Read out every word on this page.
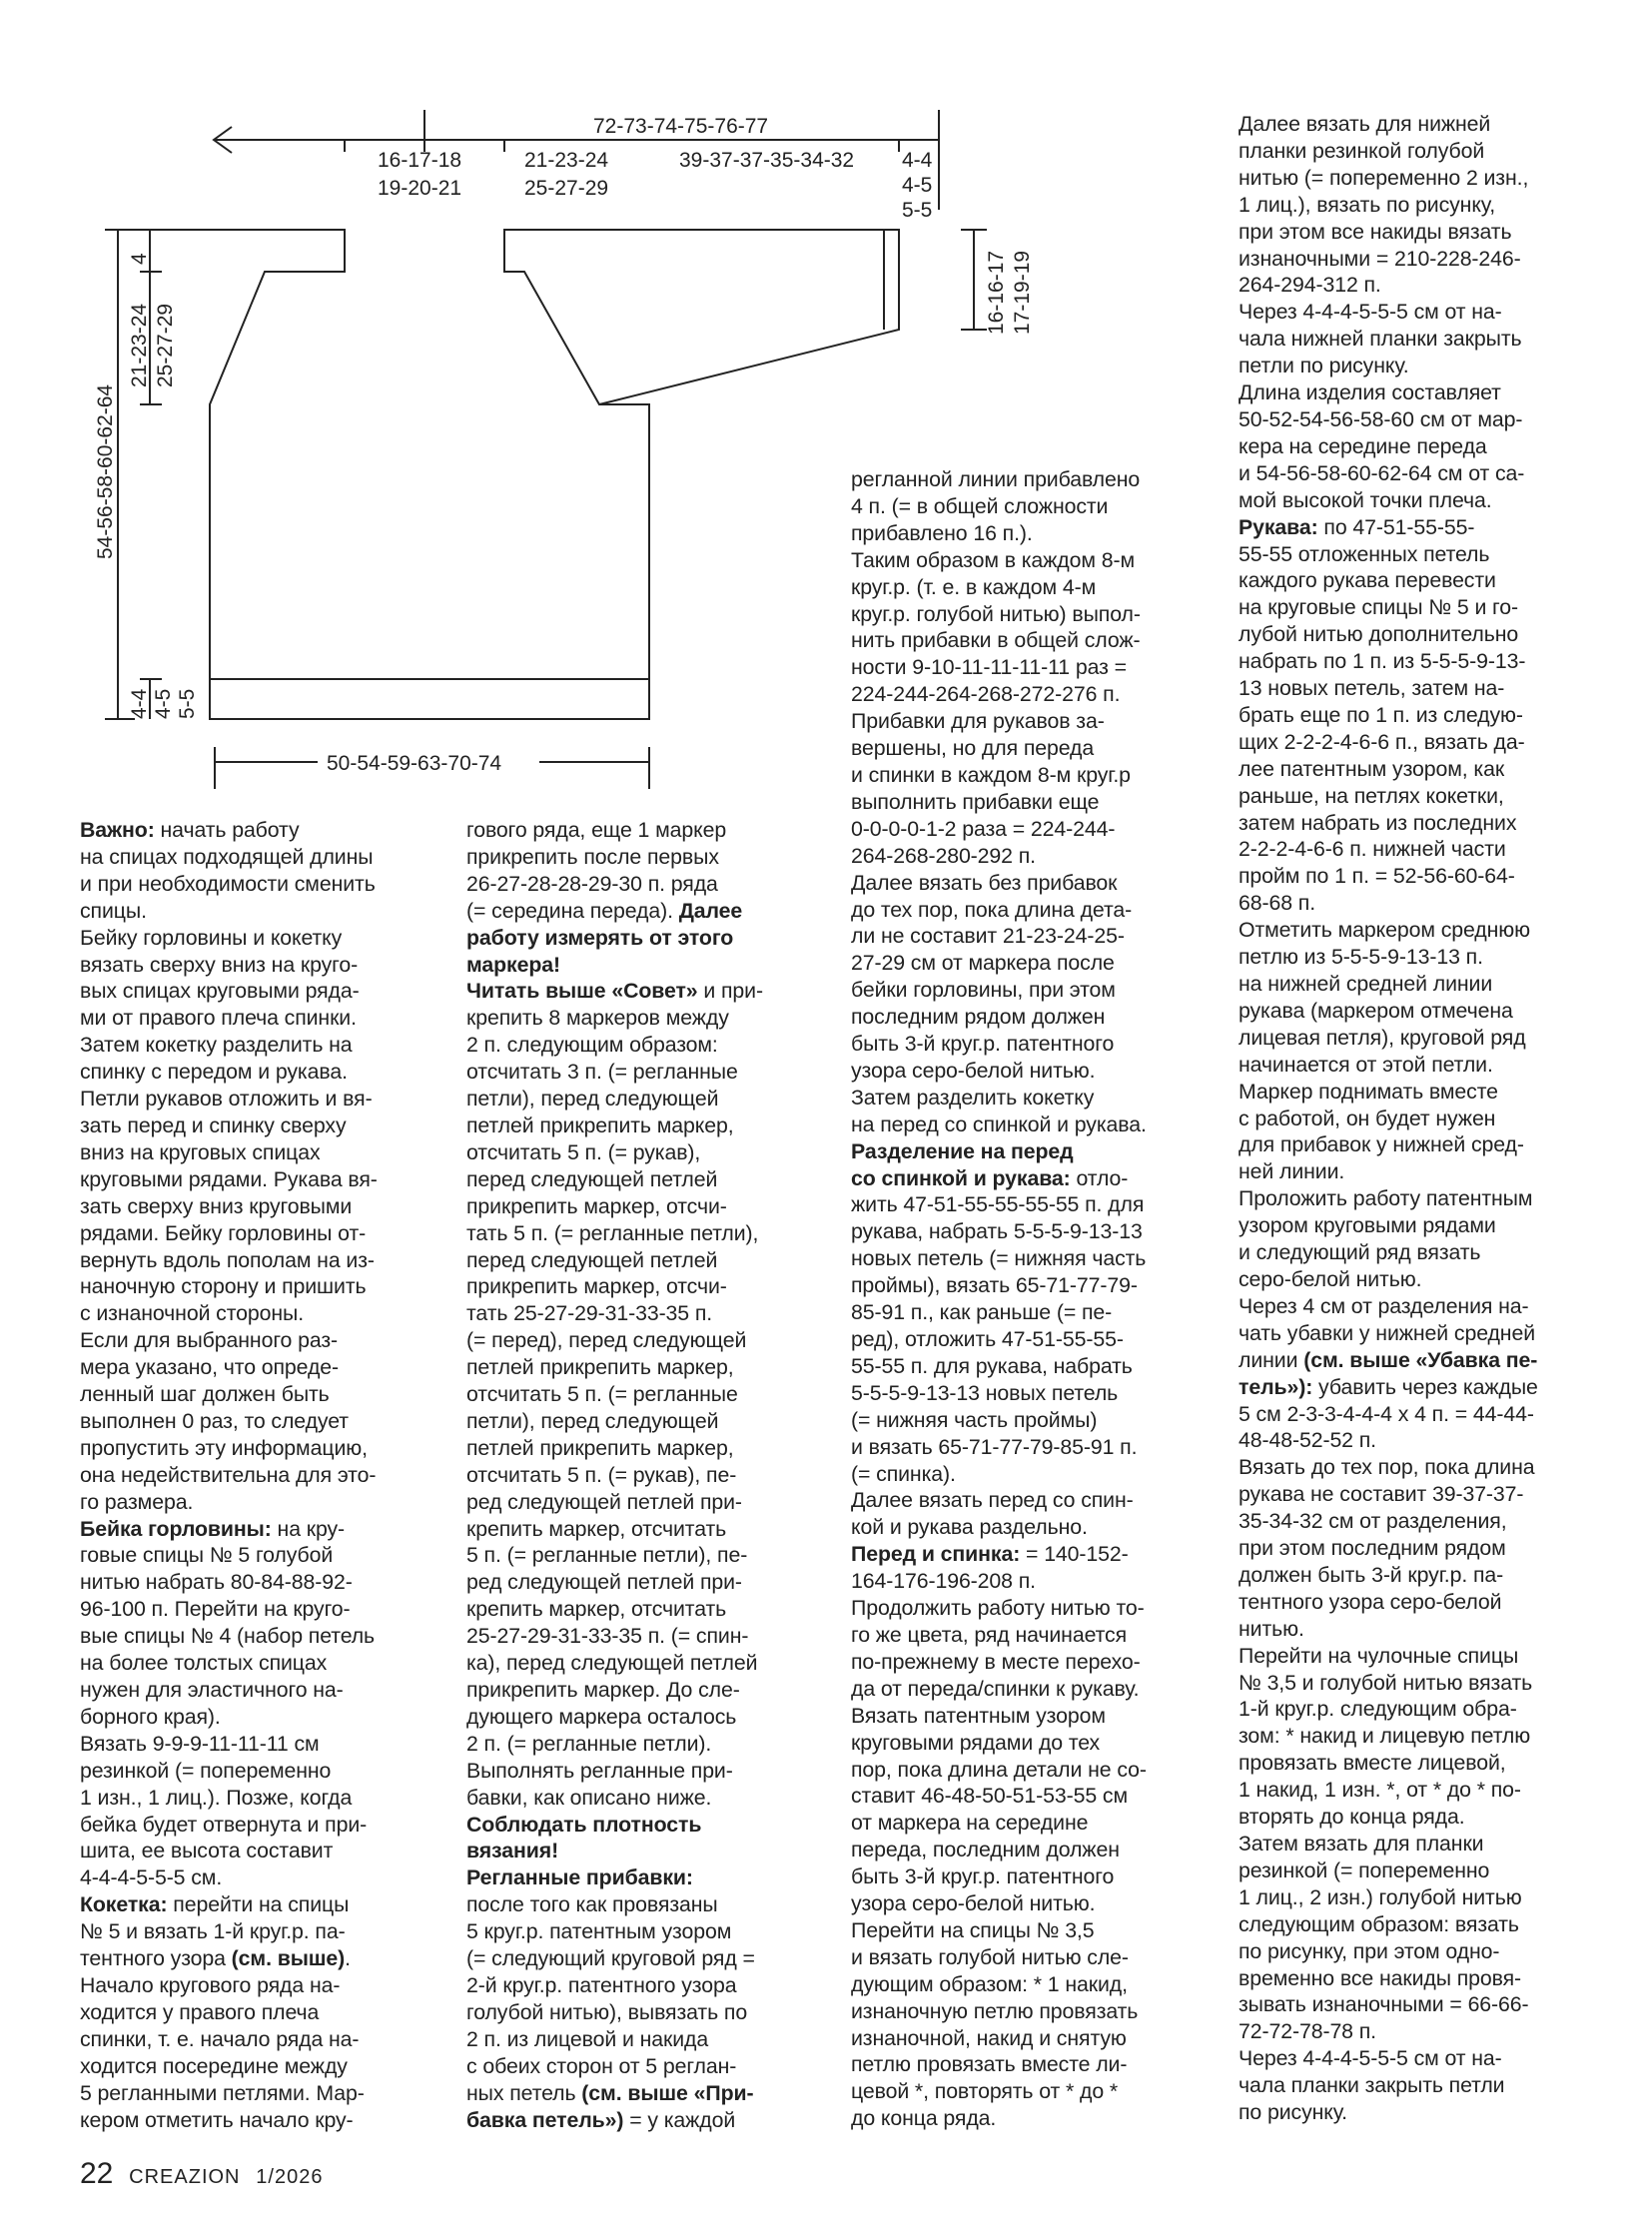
72-73-74-75-76-77
16-17-18
19-20-21
21-23-24
25-27-29
39-37-37-35-34-32 4-4
4-5
5-5
16-16-17 17-19-19
4
21-23-24 25-27-29
54-56-58-60-62-64
4-4 4-5 5-5
50-54-59-63-70-74

Важно: начать работу

на спицах подходящей длины

и при необходимости сменить

спицы.

Бейку горловины и кокетку

вязать сверху вниз на круго-

вых спицах круговыми ряда-

ми от правого плеча спинки.

Затем кокетку разделить на

спинку с передом и рукава.

Петли рукавов отложить и вя-

зать перед и спинку сверху

вниз на круговых спицах

круговыми рядами. Рукава вя-

зать сверху вниз круговыми

рядами. Бейку горловины от-

вернуть вдоль пополам на из-

наночную сторону и пришить

с изнаночной стороны.

Если для выбранного раз-

мера указано, что опреде-

ленный шаг должен быть

выполнен 0 раз, то следует

пропустить эту информацию,

она недействительна для это-

го размера.

Бейка горловины: на кру-

говые спицы № 5 голубой

нитью набрать 80-84-88-92-

96-100 п. Перейти на круго-

вые спицы № 4 (набор петель

на более толстых спицах

нужен для эластичного на-

борного края).

Вязать 9-9-9-11-11-11 см

резинкой (= попеременно

1 изн., 1 лиц.). Позже, когда

бейка будет отвернута и при-

шита, ее высота составит

4-4-4-5-5-5 см.

Кокетка: перейти на спицы

№ 5 и вязать 1-й круг.р. па-

тентного узора (см. выше).

Начало кругового ряда на-

ходится у правого плеча

спинки, т. е. начало ряда на-

ходится посередине между

5 регланными петлями. Мар-

кером отметить начало кру-

гового ряда, еще 1 маркер

прикрепить после первых

26-27-28-28-29-30 п. ряда

(= середина переда). Далее

работу измерять от этого

маркера!

Читать выше «Совет» и при-

крепить 8 маркеров между

2 п. следующим образом:

отсчитать 3 п. (= регланные

петли), перед следующей

петлей прикрепить маркер,

отсчитать 5 п. (= рукав),

перед следующей петлей

прикрепить маркер, отсчи-

тать 5 п. (= регланные петли),

перед следующей петлей

прикрепить маркер, отсчи-

тать 25-27-29-31-33-35 п.

(= перед), перед следующей

петлей прикрепить маркер,

отсчитать 5 п. (= регланные

петли), перед следующей

петлей прикрепить маркер,

отсчитать 5 п. (= рукав), пе-

ред следующей петлей при-

крепить маркер, отсчитать

5 п. (= регланные петли), пе-

ред следующей петлей при-

крепить маркер, отсчитать

25-27-29-31-33-35 п. (= спин-

ка), перед следующей петлей

прикрепить маркер. До сле-

дующего маркера осталось

2 п. (= регланные петли).

Выполнять регланные при-

бавки, как описано ниже.

Соблюдать плотность

вязания!

Регланные прибавки:

после того как провязаны

5 круг.р. патентным узором

(= следующий круговой ряд =

2-й круг.р. патентного узора

голубой нитью), вывязать по

2 п. из лицевой и накида

с обеих сторон от 5 реглан-

ных петель (см. выше «При-

бавка петель») = у каждой

регланной линии прибавлено

4 п. (= в общей сложности

прибавлено 16 п.).

Таким образом в каждом 8-м

круг.р. (т. е. в каждом 4-м

круг.р. голубой нитью) выпол-

нить прибавки в общей слож-

ности 9-10-11-11-11-11 раз =

224-244-264-268-272-276 п.

Прибавки для рукавов за-

вершены, но для переда

и спинки в каждом 8-м круг.р

выполнить прибавки еще

0-0-0-0-1-2 раза = 224-244-

264-268-280-292 п.

Далее вязать без прибавок

до тех пор, пока длина дета-

ли не составит 21-23-24-25-

27-29 см от маркера после

бейки горловины, при этом

последним рядом должен

быть 3-й круг.р. патентного

узора серо-белой нитью.

Затем разделить кокетку

на перед со спинкой и рукава.

Разделение на перед

со спинкой и рукава: отло-

жить 47-51-55-55-55-55 п. для

рукава, набрать 5-5-5-9-13-13

новых петель (= нижняя часть

проймы), вязать 65-71-77-79-

85-91 п., как раньше (= пе-

ред), отложить 47-51-55-55-

55-55 п. для рукава, набрать

5-5-5-9-13-13 новых петель

(= нижняя часть проймы)

и вязать 65-71-77-79-85-91 п.

(= спинка).

Далее вязать перед со спин-

кой и рукава раздельно.

Перед и спинка: = 140-152-

164-176-196-208 п.

Продолжить работу нитью то-

го же цвета, ряд начинается

по-прежнему в месте перехо-

да от переда/спинки к рукаву.

Вязать патентным узором

круговыми рядами до тех

пор, пока длина детали не со-

ставит 46-48-50-51-53-55 см

от маркера на середине

переда, последним должен

быть 3-й круг.р. патентного

узора серо-белой нитью.

Перейти на спицы № 3,5

и вязать голубой нитью сле-

дующим образом: * 1 накид,

изнаночную петлю провязать

изнаночной, накид и снятую

петлю провязать вместе ли-

цевой *, повторять от * до *

до конца ряда.

Далее вязать для нижней

планки резинкой голубой

нитью (= попеременно 2 изн.,

1 лиц.), вязать по рисунку,

при этом все накиды вязать

изнаночными = 210-228-246-

264-294-312 п.

Через 4-4-4-5-5-5 см от на-

чала нижней планки закрыть

петли по рисунку.

Длина изделия составляет

50-52-54-56-58-60 см от мар-

кера на середине переда

и 54-56-58-60-62-64 см от са-

мой высокой точки плеча.

Рукава: по 47-51-55-55-

55-55 отложенных петель

каждого рукава перевести

на круговые спицы № 5 и го-

лубой нитью дополнительно

набрать по 1 п. из 5-5-5-9-13-

13 новых петель, затем на-

брать еще по 1 п. из следую-

щих 2-2-2-4-6-6 п., вязать да-

лее патентным узором, как

раньше, на петлях кокетки,

затем набрать из последних

2-2-2-4-6-6 п. нижней части

пройм по 1 п. = 52-56-60-64-

68-68 п.

Отметить маркером среднюю

петлю из 5-5-5-9-13-13 п.

на нижней средней линии

рукава (маркером отмечена

лицевая петля), круговой ряд

начинается от этой петли.

Маркер поднимать вместе

с работой, он будет нужен

для прибавок у нижней сред-

ней линии.

Проложить работу патентным

узором круговыми рядами

и следующий ряд вязать

серо-белой нитью.

Через 4 см от разделения на-

чать убавки у нижней средней

линии (см. выше «Убавка пе-

тель»): убавить через каждые

5 см 2-3-3-4-4-4 х 4 п. = 44-44-

48-48-52-52 п.

Вязать до тех пор, пока длина

рукава не составит 39-37-37-

35-34-32 см от разделения,

при этом последним рядом

должен быть 3-й круг.р. па-

тентного узора серо-белой

нитью.

Перейти на чулочные спицы

№ 3,5 и голубой нитью вязать

1-й круг.р. следующим обра-

зом: * накид и лицевую петлю

провязать вместе лицевой,

1 накид, 1 изн. *, от * до * по-

вторять до конца ряда.

Затем вязать для планки

резинкой (= попеременно

1 лиц., 2 изн.) голубой нитью

следующим образом: вязать

по рисунку, при этом одно-

временно все накиды провя-

зывать изнаночными = 66-66-

72-72-78-78 п.

Через 4-4-4-5-5-5 см от на-

чала планки закрыть петли

по рисунку.

22 CREAZION 1/2026
